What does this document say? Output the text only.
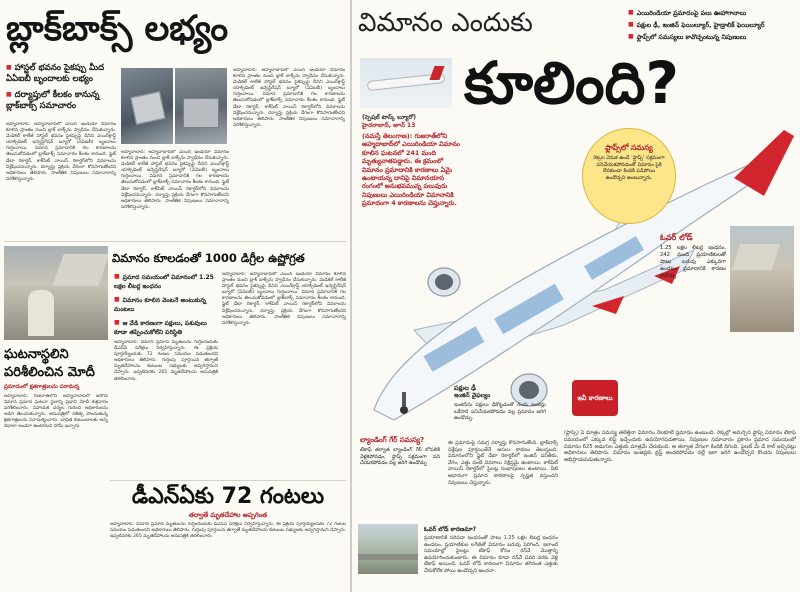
బ్లాక్‌బాక్స్ లభ్యం
■ హాస్టల్ భవనం పైకప్పు మీద ఏఏఐబీ బృందాలకు లభ్యం
■ దర్యాప్తులో కీలకం కానున్న బ్లాక్‌బాక్స్ సమాచారం
అహ్మదాబాద్: అహ్మదాబాద్‌లో ఎయిర్ ఇండియా విమానం కూలిన ప్రాంతం నుంచి బ్లాక్ బాక్స్‌ను స్వాధీనం చేసుకున్నారు. మెడికల్ కాలేజీ హాస్టల్ భవనం పైకప్పుపై దీనిని ఎయిర్‌క్రాఫ్ట్ యాక్సిడెంట్ ఇన్వెస్టిగేషన్ బ్యూరో (ఏఏఐబీ) బృందాలు గుర్తించాయి. విమాన ప్రమాదానికి గల కారణాలను తెలుసుకోవడంలో బ్లాక్‌బాక్స్ సమాచారం కీలకం కానుంది. ఫ్లైట్ డేటా రికార్డర్, కాక్‌పిట్ వాయిస్ రికార్డర్‌లోని వివరాలను విశ్లేషించనున్నారు. దర్యాప్తు ప్రక్రియ వేగంగా కొనసాగుతోందని అధికారులు తెలిపారు. సాంకేతిక నిపుణులు సమాచారాన్ని పరిశీలిస్తున్నారు.
అహ్మదాబాద్: అహ్మదాబాద్‌లో ఎయిర్ ఇండియా విమానం కూలిన ప్రాంతం నుంచి బ్లాక్ బాక్స్‌ను స్వాధీనం చేసుకున్నారు. మెడికల్ కాలేజీ హాస్టల్ భవనం పైకప్పుపై దీనిని ఎయిర్‌క్రాఫ్ట్ యాక్సిడెంట్ ఇన్వెస్టిగేషన్ బ్యూరో (ఏఏఐబీ) బృందాలు గుర్తించాయి. విమాన ప్రమాదానికి గల కారణాలను తెలుసుకోవడంలో బ్లాక్‌బాక్స్ సమాచారం కీలకం కానుంది. ఫ్లైట్ డేటా రికార్డర్, కాక్‌పిట్ వాయిస్ రికార్డర్‌లోని వివరాలను విశ్లేషించనున్నారు. దర్యాప్తు ప్రక్రియ వేగంగా కొనసాగుతోందని అధికారులు తెలిపారు. సాంకేతిక నిపుణులు సమాచారాన్ని పరిశీలిస్తున్నారు.
అహ్మదాబాద్: అహ్మదాబాద్‌లో ఎయిర్ ఇండియా విమానం కూలిన ప్రాంతం నుంచి బ్లాక్ బాక్స్‌ను స్వాధీనం చేసుకున్నారు. మెడికల్ కాలేజీ హాస్టల్ భవనం పైకప్పుపై దీనిని ఎయిర్‌క్రాఫ్ట్ యాక్సిడెంట్ ఇన్వెస్టిగేషన్ బ్యూరో (ఏఏఐబీ) బృందాలు గుర్తించాయి. విమాన ప్రమాదానికి గల కారణాలను తెలుసుకోవడంలో బ్లాక్‌బాక్స్ సమాచారం కీలకం కానుంది. ఫ్లైట్ డేటా రికార్డర్, కాక్‌పిట్ వాయిస్ రికార్డర్‌లోని వివరాలను విశ్లేషించనున్నారు. దర్యాప్తు ప్రక్రియ వేగంగా కొనసాగుతోందని అధికారులు తెలిపారు. సాంకేతిక నిపుణులు సమాచారాన్ని పరిశీలిస్తున్నారు.
ఘటనాస్థలిని పరిశీలించిన మోదీ
ప్రమాదంలో క్షతగాత్రులను పరామర్శ
అహ్మదాబాద్: గుజరాత్‌లోని అహ్మదాబాద్‌లో జరిగిన విమాన ప్రమాద ఘటనా స్థలాన్ని ప్రధాని మోదీ శుక్రవారం పరిశీలించారు. సహాయక చర్యల గురించి అధికారులను అడిగి తెలుసుకున్నారు. ఆసుపత్రిలో చికిత్స పొందుతున్న క్షతగాత్రులను పరామర్శించారు. బాధిత కుటుంబాలకు అన్ని విధాలా అండగా ఉంటామని హామీ ఇచ్చారు.
విమానం కూలడంతో 1000 డిగ్రీల ఉష్ణోగ్రత
■ ప్రమాద సమయంలో విమానంలో 1.25 లక్షల లీటర్ల ఇంధనం
■ విమానం కూలిన వెంటనే అంటుకున్న మంటలు
■ ఆ వేడి కారణంగా పక్షులు, పశువులు కూడా తప్పించుకోలేని పరిస్థితి
అహ్మదాబాద్: విమాన ప్రమాద మృతులను గుర్తించేందుకు డీఎన్ఏ పరీక్షలు నిర్వహిస్తున్నారు. ఈ ప్రక్రియ పూర్తయ్యేందుకు 72 గంటల సమయం పడుతుందని అధికారులు తెలిపారు. గుర్తింపు పూర్తయిన తర్వాతే మృతదేహాలను కుటుంబ సభ్యులకు అప్పగిస్తామని చెప్పారు. ఇప్పటివరకు 265 మృతదేహాలను ఆసుపత్రికి తరలించారు.
అహ్మదాబాద్: అహ్మదాబాద్‌లో ఎయిర్ ఇండియా విమానం కూలిన ప్రాంతం నుంచి బ్లాక్ బాక్స్‌ను స్వాధీనం చేసుకున్నారు. మెడికల్ కాలేజీ హాస్టల్ భవనం పైకప్పుపై దీనిని ఎయిర్‌క్రాఫ్ట్ యాక్సిడెంట్ ఇన్వెస్టిగేషన్ బ్యూరో (ఏఏఐబీ) బృందాలు గుర్తించాయి. విమాన ప్రమాదానికి గల కారణాలను తెలుసుకోవడంలో బ్లాక్‌బాక్స్ సమాచారం కీలకం కానుంది. ఫ్లైట్ డేటా రికార్డర్, కాక్‌పిట్ వాయిస్ రికార్డర్‌లోని వివరాలను విశ్లేషించనున్నారు. దర్యాప్తు ప్రక్రియ వేగంగా కొనసాగుతోందని అధికారులు తెలిపారు. సాంకేతిక నిపుణులు సమాచారాన్ని పరిశీలిస్తున్నారు.
డీఎన్ఏకు 72 గంటలు
తర్వాతే మృతదేహాల అప్పగింత
అహ్మదాబాద్: విమాన ప్రమాద మృతులను గుర్తించేందుకు డీఎన్ఏ పరీక్షలు నిర్వహిస్తున్నారు. ఈ ప్రక్రియ పూర్తయ్యేందుకు 72 గంటల సమయం పడుతుందని అధికారులు తెలిపారు. గుర్తింపు పూర్తయిన తర్వాతే మృతదేహాలను కుటుంబ సభ్యులకు అప్పగిస్తామని చెప్పారు. ఇప్పటివరకు 265 మృతదేహాలను ఆసుపత్రికి తరలించారు.
విమానం ఎందుకు
■	ఎయిరిండియా ప్రమాదంపై పలు ఊహాగానాలు
■ పక్షుల ఢీ, ఇంజిన్ ఫెయిల్యూర్, హైడ్రాలిక్ ఫెయిల్యూర్
■ ఫ్లాప్స్‌లో సమస్యలు కావొచ్చంటున్న నిపుణులు
కూలింది?
(స్పెషల్ టాస్క్ బ్యూరో)
హైదరాబాద్, జూన్ 13
(నమస్తే తెలంగాణ): గుజరాత్‌లోని అహ్మదాబాద్‌లో ఎయిరిండియా విమానం కూలిన ఘటనలో 241 మంది మృత్యువాతపడ్డారు. ఈ క్రమంలో విమానం ప్రమాదానికి కారణాలు ఏమై ఉంటాయన్న దానిపై విమానయాన రంగంలో అనుభవమున్న పలువురు నిపుణులు ఎయిరిండియా విమానానికి ప్రమాదంగా 4 కారణాలను చెప్తున్నారు.
ఫ్లాప్స్‌లో సమస్య
రెక్కల వెనుక ఉండే ‘ఫ్లాప్స్’ సక్రమంగా పనిచేయకపోవడంతో విమానం పైకి లేవకుండా కిందికి పడిపోయి ఉండొచ్చని అంటున్నారు.
ఓవర్ లోడ్
1.25 లక్షల లీటర్ల ఇంధనం, 242 మంది ప్రయాణికులతో పాటు బరువు ఎక్కువగా ఉండటం ప్రమాదానికి కారణం కావొచ్చు
పక్షుల ఢీ
ఇంజిన్ వైఫల్యం
ఇంజిన్‌ను పక్షులు ఢీకొట్టడంతో రెండు ఇంజిన్లు ఒకేసారి పనిచేయకపోవడం వల్ల ప్రమాదం జరిగి ఉండొచ్చు.
ఇవీ కారణాలు
ల్యాండింగ్ గేర్ సమస్య?
టేకాఫ్ తర్వాత ల్యాండింగ్ గేర్ లోపలికి వెళ్లకపోవడం, ఫ్లాప్స్ సక్రమంగా పని చేయకపోవడం వల్ల జరిగి ఉండొచ్చు
ఈ ప్రమాదంపై సమగ్ర దర్యాప్తు కొనసాగుతోంది. బ్లాక్‌బాక్స్ విశ్లేషణ పూర్తయితేనే అసలు కారణం తెలుస్తుంది. విమానంలోని ఫ్లైట్ డేటా రికార్డర్‌లో ఇంజిన్ పనితీరు, వేగం, ఎత్తు వంటి వివరాలు నిక్షిప్తమై ఉంటాయి. కాక్‌పిట్ వాయిస్ రికార్డర్‌లో పైలట్ల సంభాషణలు ఉంటాయి. వీటి ఆధారంగా ప్రమాద కారణాలపై స్పష్టత వస్తుందని నిపుణులు చెప్తున్నారు.
ఓవర్ లోడ్ కారణమా?
ప్రయాణానికి సరిపడా ఇంధనంతో పాటు 1.25 లక్షల లీటర్ల ఇంధనం ఉండటం, ప్రయాణికుల లగేజీతో విమానం బరువు పెరిగింది. ఇలాంటి సమయాల్లో పైలట్లు టేకాఫ్ కోసం రన్‌వే మొత్తాన్ని ఉపయోగించుకుంటారు. ఈ విమానం కూడా రన్‌వే చివరి వరకు వెళ్లి టేకాఫ్ అయింది. ఓవర్ లోడ్ కారణంగా విమానం తగినంత ఎత్తుకు చేరుకోలేక పోయి ఉండొచ్చని అంచనా.
(ఫ్లాప్స్) ఏ మాత్రం సమస్య తలెత్తినా విమానం నేలకూలే ప్రమాదం ఉంటుంది. రెక్కల్లో అమర్చిన ఫ్లాప్స్ విమానం టేకాఫ్ సమయంలో ఎక్కువ లిఫ్ట్ ఇచ్చేందుకు ఉపయోగపడతాయి. నిపుణుల సమాచారం ప్రకారం ప్రమాద సమయంలో విమానం 625 అడుగుల ఎత్తుకు మాత్రమే చేరుకుంది. ఆ తర్వాత వేగంగా కిందికి దిగింది. పైలట్ మే డే కాల్ ఇచ్చినట్లు అధికారులు తెలిపారు. విమానం ఇంజిన్లకు థ్రస్ట్ అందకపోవడం వల్లే ఇలా జరిగి ఉండొచ్చని కొందరు నిపుణులు అభిప్రాయపడుతున్నారు.
